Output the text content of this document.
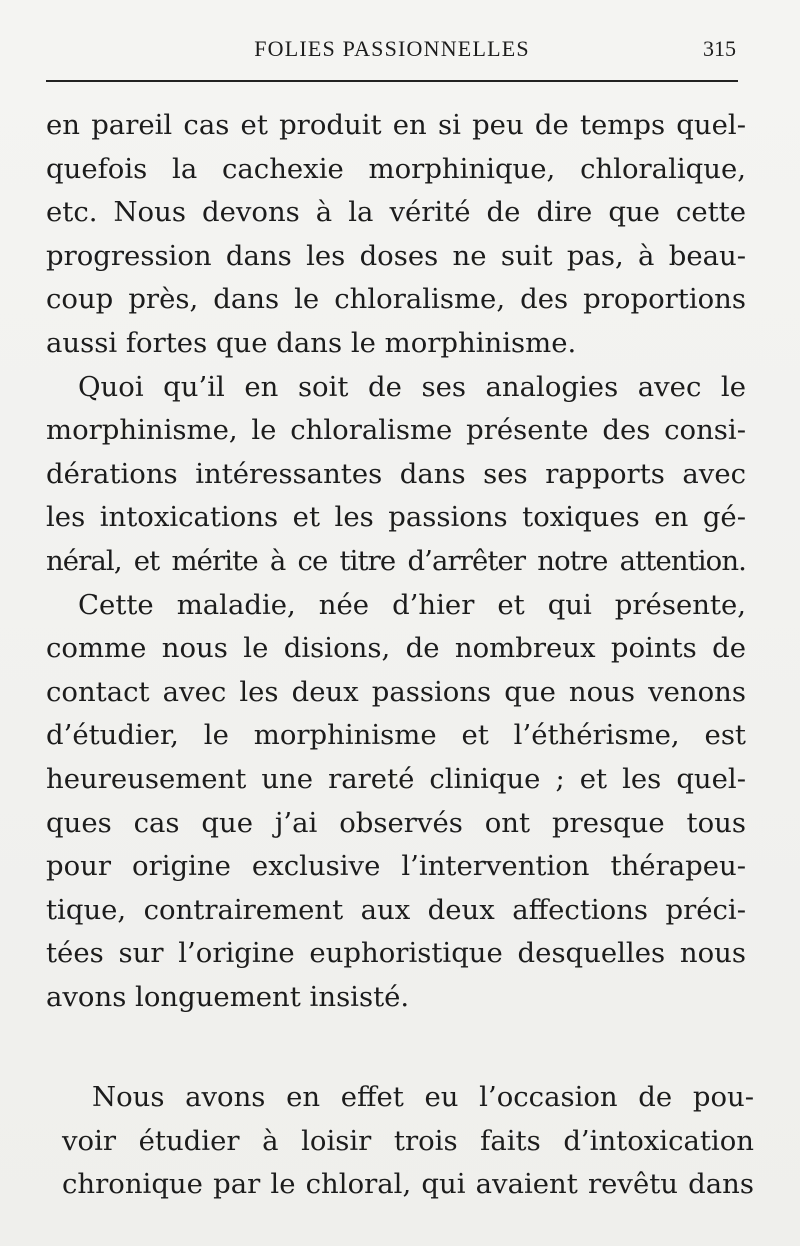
FOLIES PASSIONNELLES	315
en pareil cas et produit en si peu de temps quel-
quefois la cachexie morphinique, chloralique,
etc. Nous devons à la vérité de dire que cette
progression dans les doses ne suit pas, à beau-
coup près, dans le chloralisme, des proportions
aussi fortes que dans le morphinisme.
Quoi qu’il en soit de ses analogies avec le
morphinisme, le chloralisme présente des consi-
dérations intéressantes dans ses rapports avec
les intoxications et les passions toxiques en gé-
néral, et mérite à ce titre d’arrêter notre attention.
Cette maladie, née d’hier et qui présente,
comme nous le disions, de nombreux points de
contact avec les deux passions que nous venons
d’étudier, le morphinisme et l’éthérisme, est
heureusement une rareté clinique ; et les quel-
ques cas que j’ai observés ont presque tous
pour origine exclusive l’intervention thérapeu-
tique, contrairement aux deux affections préci-
tées sur l’origine euphoristique desquelles nous
avons longuement insisté.
Nous avons en effet eu l’occasion de pou-
voir étudier à loisir trois faits d’intoxication
chronique par le chloral, qui avaient revêtu dans
